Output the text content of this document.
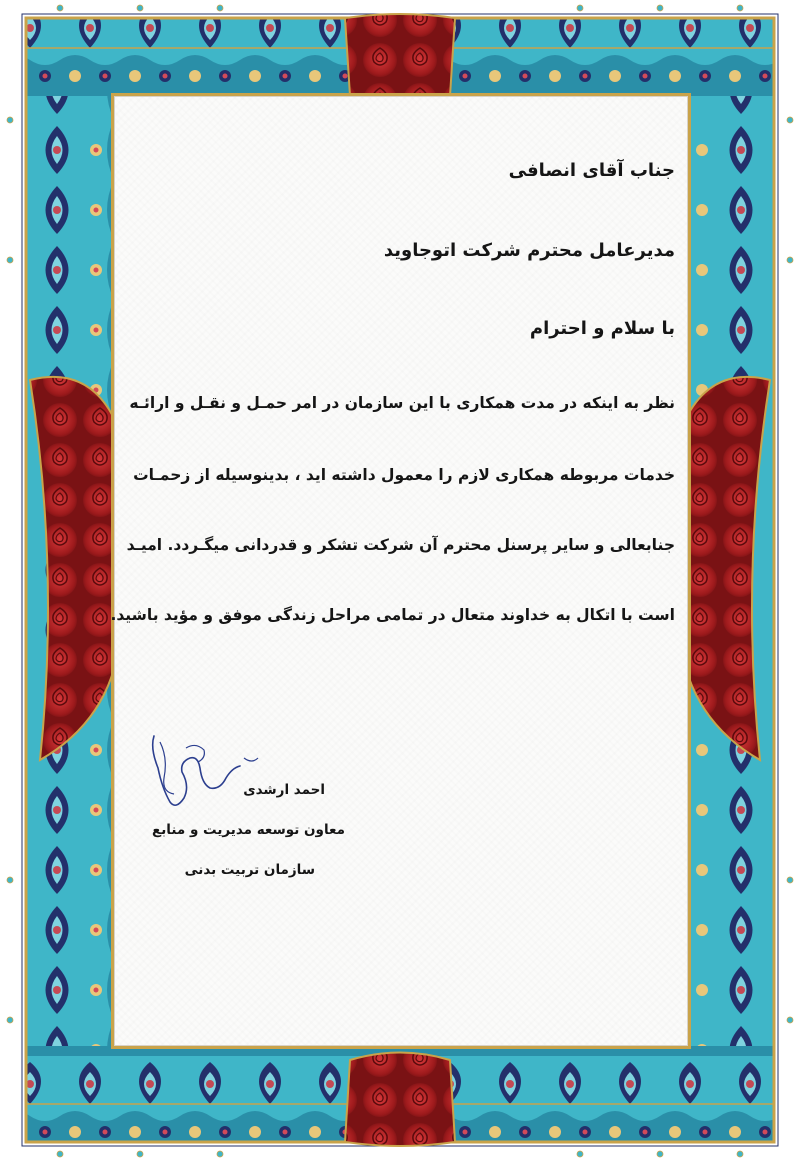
جناب آقای انصافی
مدیرعامل محترم شرکت اتوجاوید
با سلام و احترام
نظر به اینکه در مدت همکاری با این سازمان در امر حمـل و نقـل و ارائـه
خدمات مربوطه همکاری لازم را معمول داشته اید ، بدینوسیله از زحمـات
جنابعالی و سایر پرسنل محترم آن شرکت تشکر و قدردانی میگـردد. امیـد
است با اتکال به خداوند متعال در تمامی مراحل زندگی موفق و مؤید باشید.
احمد ارشدی
معاون توسعه مدیریت و منابع
سازمان تربیت بدنی
